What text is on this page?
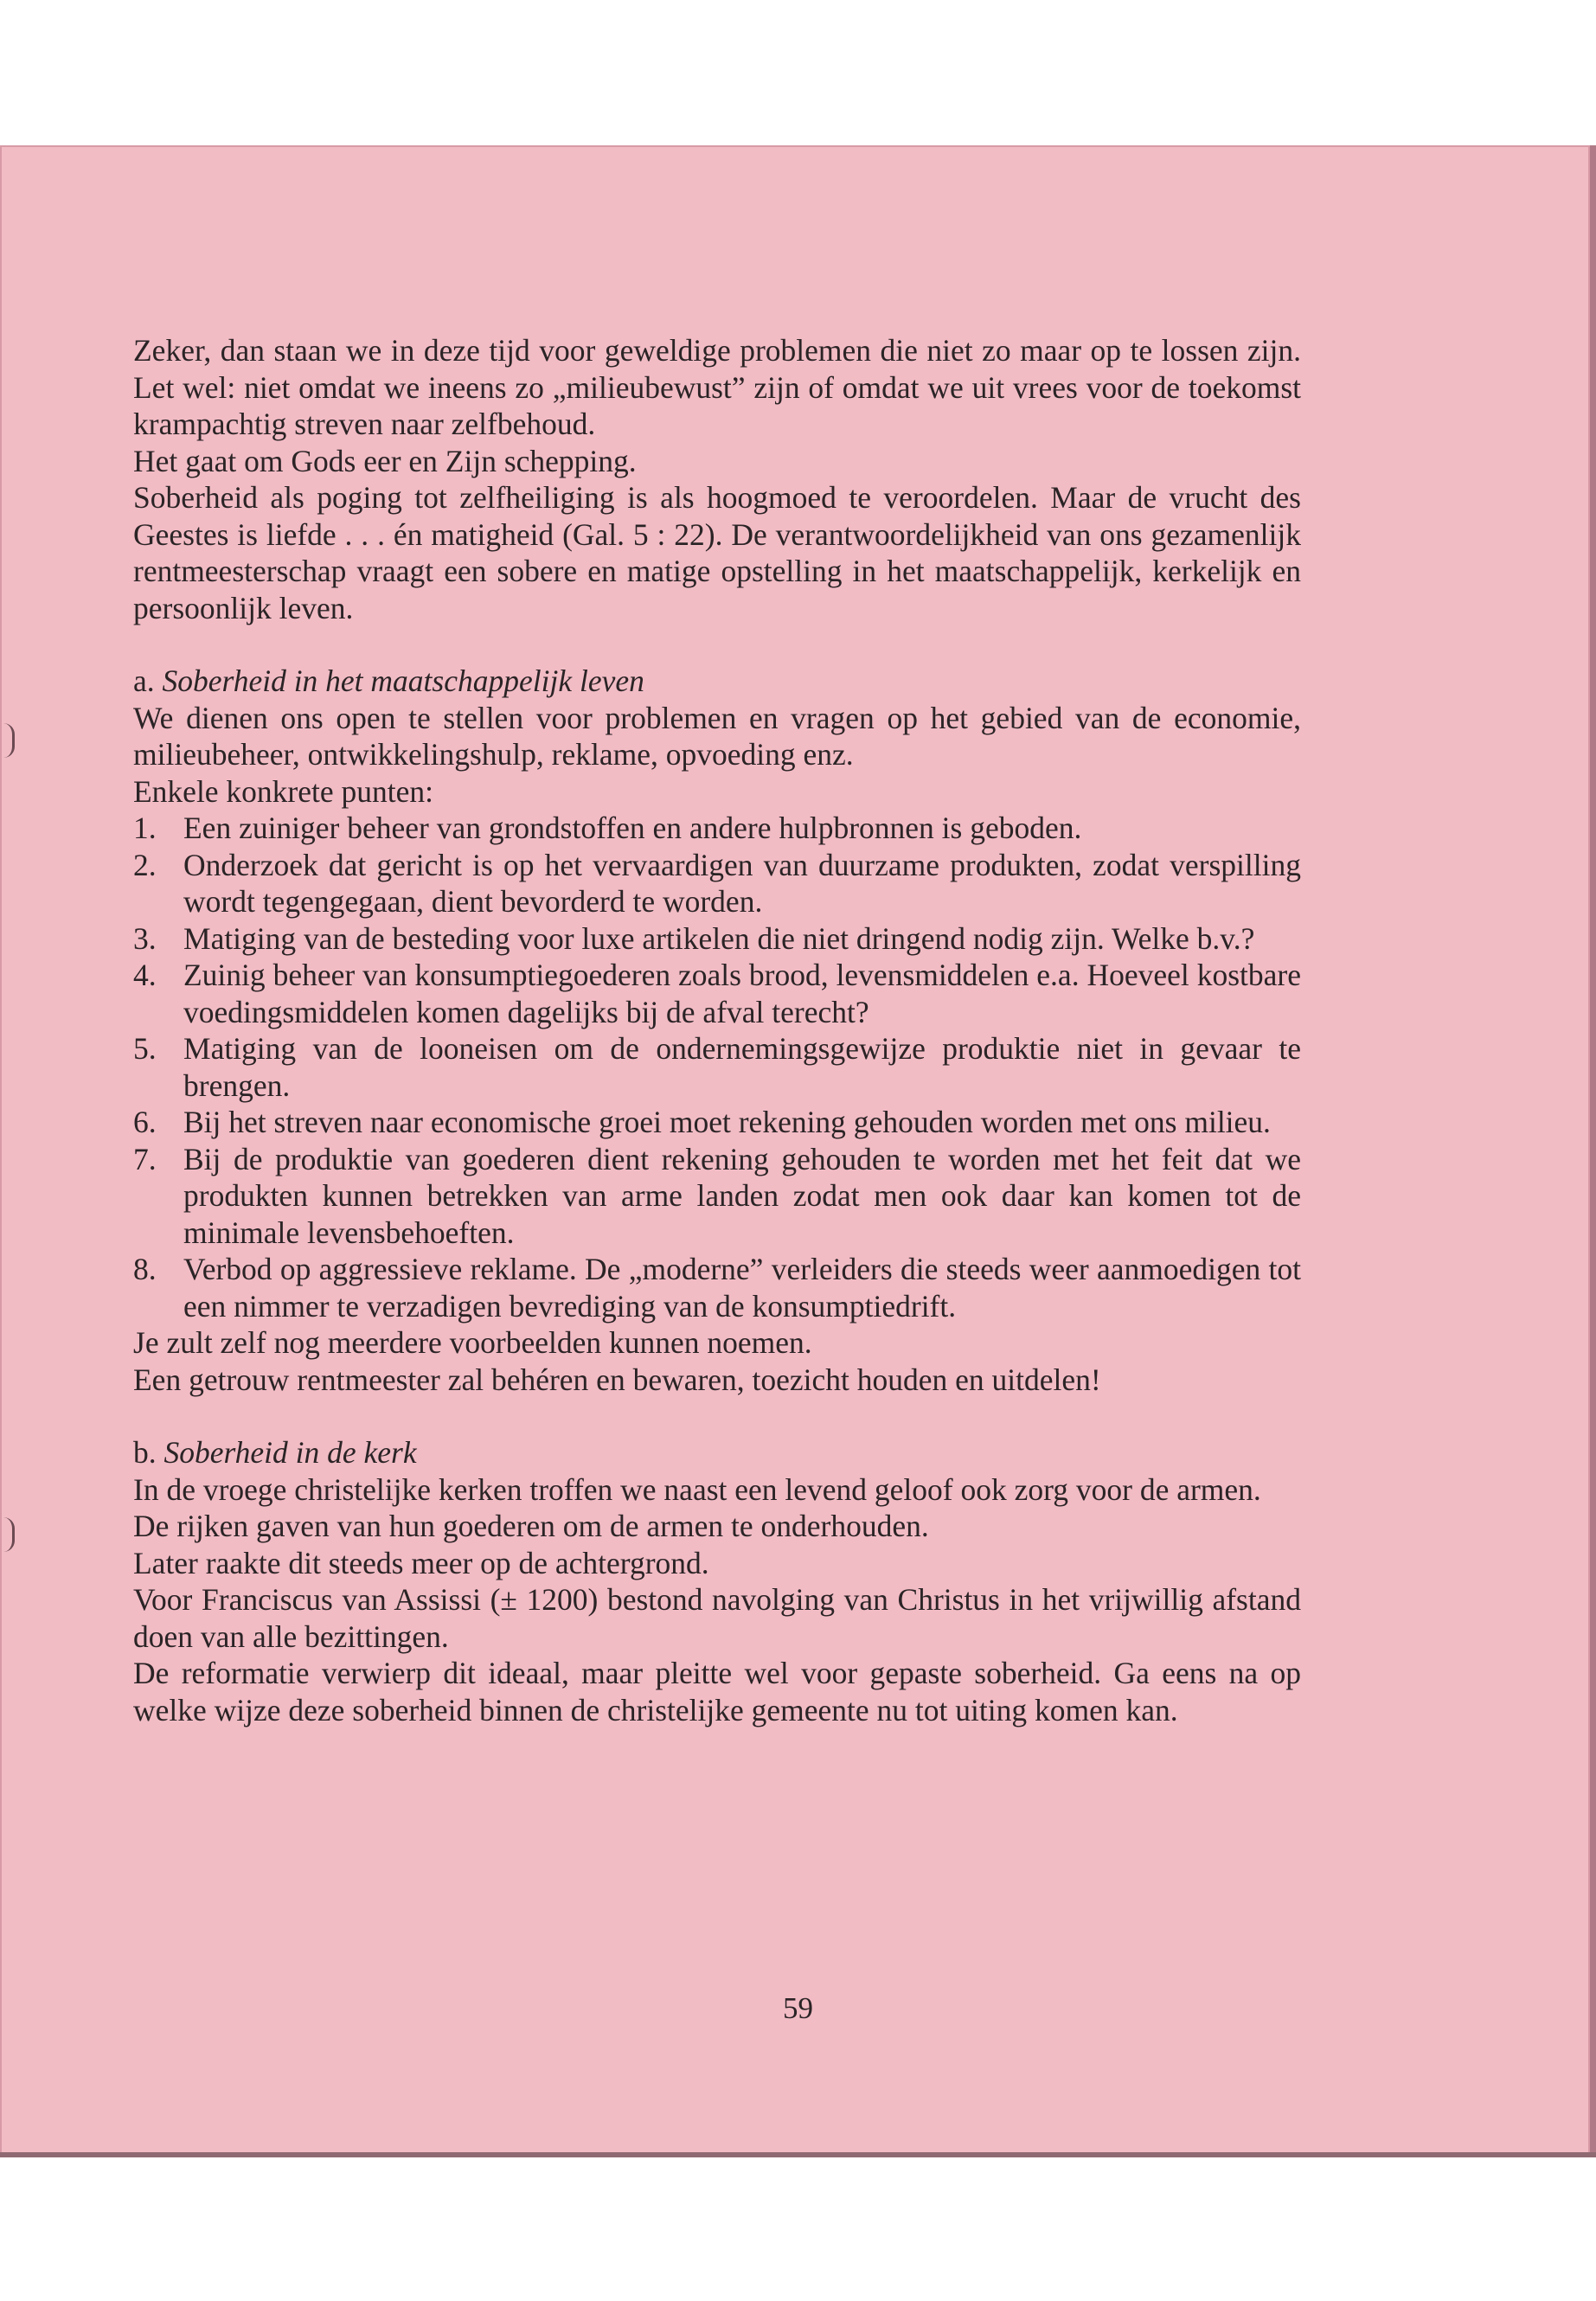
Zeker, dan staan we in deze tijd voor geweldige problemen die niet zo maar op te lossen zijn. Let wel: niet omdat we ineens zo „milieubewust” zijn of omdat we uit vrees voor de toekomst krampachtig streven naar zelfbehoud.

Het gaat om Gods eer en Zijn schepping.

Soberheid als poging tot zelfheiliging is als hoogmoed te veroordelen. Maar de vrucht des Geestes is liefde . . . én matigheid (Gal. 5 : 22). De verantwoordelijkheid van ons gezamenlijk rentmeesterschap vraagt een sobere en matige opstelling in het maatschappelijk, kerkelijk en persoonlijk leven.

a. Soberheid in het maatschappelijk leven

We dienen ons open te stellen voor problemen en vragen op het gebied van de economie, milieubeheer, ontwikkelingshulp, reklame, opvoeding enz.

Enkele konkrete punten:

1. Een zuiniger beheer van grondstoffen en andere hulpbronnen is geboden.
2. Onderzoek dat gericht is op het vervaardigen van duurzame produkten, zodat verspilling wordt tegengegaan, dient bevorderd te worden.
3. Matiging van de besteding voor luxe artikelen die niet dringend nodig zijn. Welke b.v.?
4. Zuinig beheer van konsumptiegoederen zoals brood, levensmiddelen e.a. Hoeveel kostbare voedingsmiddelen komen dagelijks bij de afval terecht?
5. Matiging van de looneisen om de ondernemingsgewijze produktie niet in gevaar te brengen.
6. Bij het streven naar economische groei moet rekening gehouden worden met ons milieu.
7. Bij de produktie van goederen dient rekening gehouden te worden met het feit dat we produkten kunnen betrekken van arme landen zodat men ook daar kan komen tot de minimale levensbehoeften.
8. Verbod op aggressieve reklame. De „moderne” verleiders die steeds weer aanmoedigen tot een nimmer te verzadigen bevrediging van de konsumptiedrift.

Je zult zelf nog meerdere voorbeelden kunnen noemen.

Een getrouw rentmeester zal behéren en bewaren, toezicht houden en uitdelen!

b. Soberheid in de kerk

In de vroege christelijke kerken troffen we naast een levend geloof ook zorg voor de armen.

De rijken gaven van hun goederen om de armen te onderhouden.

Later raakte dit steeds meer op de achtergrond.

Voor Franciscus van Assissi (± 1200) bestond navolging van Christus in het vrijwillig afstand doen van alle bezittingen.

De reformatie verwierp dit ideaal, maar pleitte wel voor gepaste soberheid. Ga eens na op welke wijze deze soberheid binnen de christelijke gemeente nu tot uiting komen kan.

59
